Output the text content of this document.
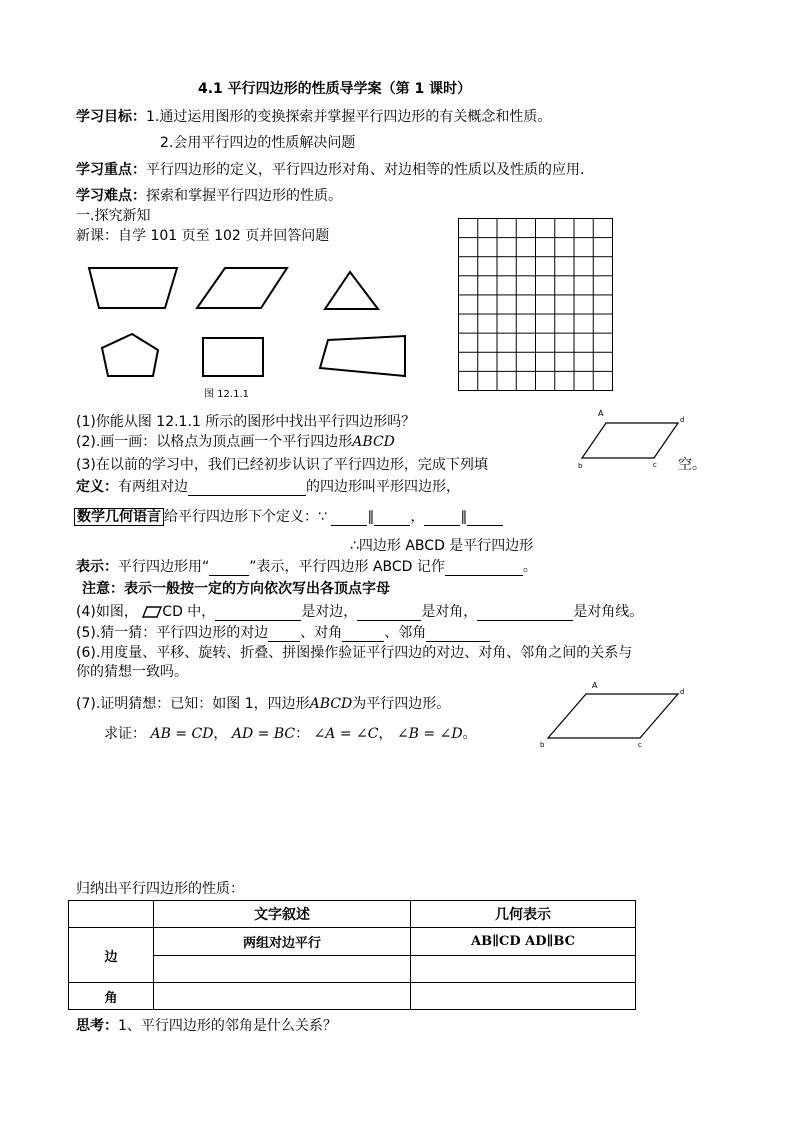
4.1 平行四边形的性质导学案（第 1 课时）
学习目标：1.通过运用图形的变换探索并掌握平行四边形的有关概念和性质。
2.会用平行四边的性质解决问题
学习重点：平行四边形的定义，平行四边形对角、对边相等的性质以及性质的应用.
学习难点：探索和掌握平行四边形的性质。
一.探究新知
新课：自学 101 页至 102 页并回答问题
图 12.1.1
(1)你能从图 12.1.1 所示的图形中找出平行四边形吗？
(2).画一画：以格点为顶点画一个平行四边形ABCD
(3)在以前的学习中，我们已经初步认识了平行四边形，完成下列填	空。
A
d
b	c
定义：有两组对边	的四边形叫平形四边形，
数学几何语言 给平行四边形下个定义：∵	∥	，	∥
∴四边形 ABCD 是平行四边形
表示：平行四边形用“	”表示，平行四边形 ABCD 记作	。
注意：表示一般按一定的方向依次写出各顶点字母
(4)如图， CD 中，	是对边，	是对角，	是对角线。
(5).猜一猜：平行四边形的对边 、对角	、邻角
(6).用度量、平移、旋转、折叠、拼图操作验证平行四边的对边、对角、邻角之间的关系与
你的猜想一致吗。
(7).证明猜想：已知：如图 1，四边形ABCD为平行四边形。
求证： AB = CD， AD = BC： ∠A = ∠C， ∠B = ∠D。
A
d
b	c
归纳出平行四边形的性质：
	文字叙述	几何表示
边	两组对边平行	AB∥CD AD∥BC

角		
思考：1、平行四边形的邻角是什么关系？
